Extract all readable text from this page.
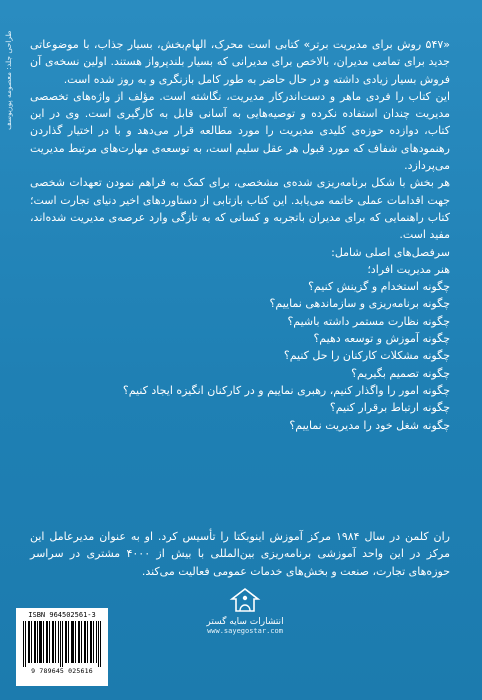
طراحی جلد: معصومه پوریوسف «۵۴۷ روش برای مدیریت برتر» کتابی است محرک، الهام‌بخش، بسیار جذاب، با موضوعاتی جدید برای تمامی مدیران، بالاخص برای مدیرانی که بسیار بلندپرواز هستند. اولین نسخه‌ی آن فروش بسیار زیادی داشته و در حال حاضر به طور کامل بازنگری و به روز شده است.

این کتاب را فردی ماهر و دست‌اندرکار مدیریت، نگاشته است. مؤلف از واژه‌های تخصصی مدیریت چندان استفاده نکرده و توصیه‌هایی به آسانی قابل به کارگیری است. وی در این کتاب، دوازده حوزه‌ی کلیدی مدیریت را مورد مطالعه قرار می‌دهد و با در اختیار گذاردن رهنمودهای شفاف که مورد قبول هر عقل سلیم است، به توسعه‌ی مهارت‌های مرتبط مدیریت می‌پردازد.

هر بخش با شکل برنامه‌ریزی شده‌ی مشخصی، برای کمک به فراهم نمودن تعهدات شخصی جهت اقدامات عملی خاتمه می‌یابد. این کتاب بازتابی از دستاوردهای اخیر دنیای تجارت است؛ کتاب راهنمایی که برای مدیران باتجربه و کسانی که به تازگی وارد عرصه‌ی مدیریت شده‌اند، مفید است.

سرفصل‌های اصلی شامل:

هنر مدیریت افراد؛
چگونه استخدام و گزینش کنیم؟
چگونه برنامه‌ریزی و سازماندهی نماییم؟
چگونه نظارت مستمر داشته باشیم؟
چگونه آموزش و توسعه دهیم؟
چگونه مشکلات کارکنان را حل کنیم؟
چگونه تصمیم بگیریم؟
چگونه امور را واگذار کنیم، رهبری نماییم و در کارکنان انگیزه ایجاد کنیم؟
چگونه ارتباط برقرار کنیم؟
چگونه شغل خود را مدیریت نماییم؟
ران کلمن در سال ۱۹۸۴ مرکز آموزش اینوبکتا را تأسیس کرد. او به عنوان مدیرعامل این مرکز در این واحد آموزشی برنامه‌ریزی بین‌المللی با بیش از ۴۰۰۰ مشتری در سراسر حوزه‌های تجارت، صنعت و بخش‌های خدمات عمومی فعالیت می‌کند.
انتشارات سایه گستر
www.sayegostar.com
ISBN 964502561-3
9 789645 025616
